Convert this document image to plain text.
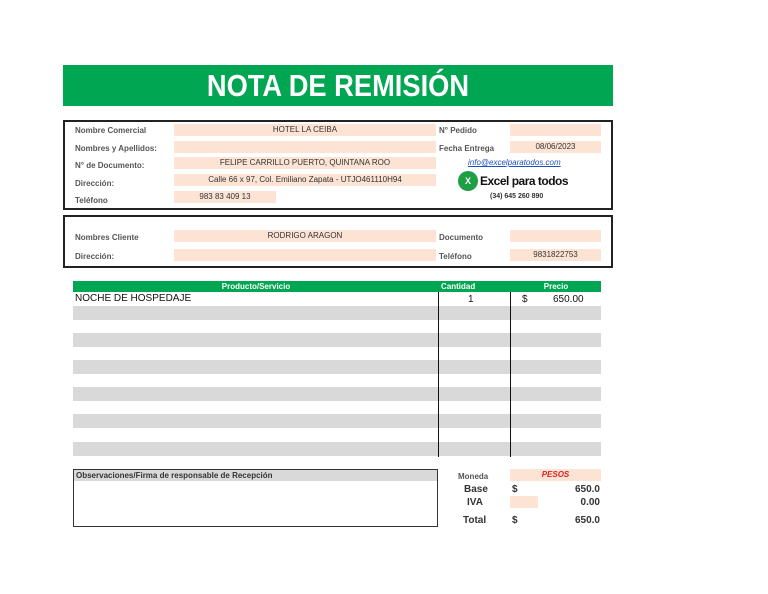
NOTA DE REMISIÓN
Nombre Comercial	HOTEL LA CEIBA
Nombres y Apellidos:
N° de Documento:	FELIPE CARRILLO PUERTO, QUINTANA ROO
Dirección:	Calle 66 x 97, Col. Emiliano Zapata - UTJO461110H94
Teléfono	983 83 409 13
N° Pedido
Fecha Entrega	08/06/2023
info@excelparatodos.com
X Excel para todos
(34) 645 260 890
Nombres Cliente	RODRIGO ARAGON
Dirección:
Documento
Teléfono	9831822753
Producto/Servicio	Cantidad	Precio
NOCHE DE HOSPEDAJE	1	$	650.00
Observaciones/Firma de responsable de Recepción	Moneda	PESOS
Base $	650.0
IVA	0.00
Total	$	650.0
